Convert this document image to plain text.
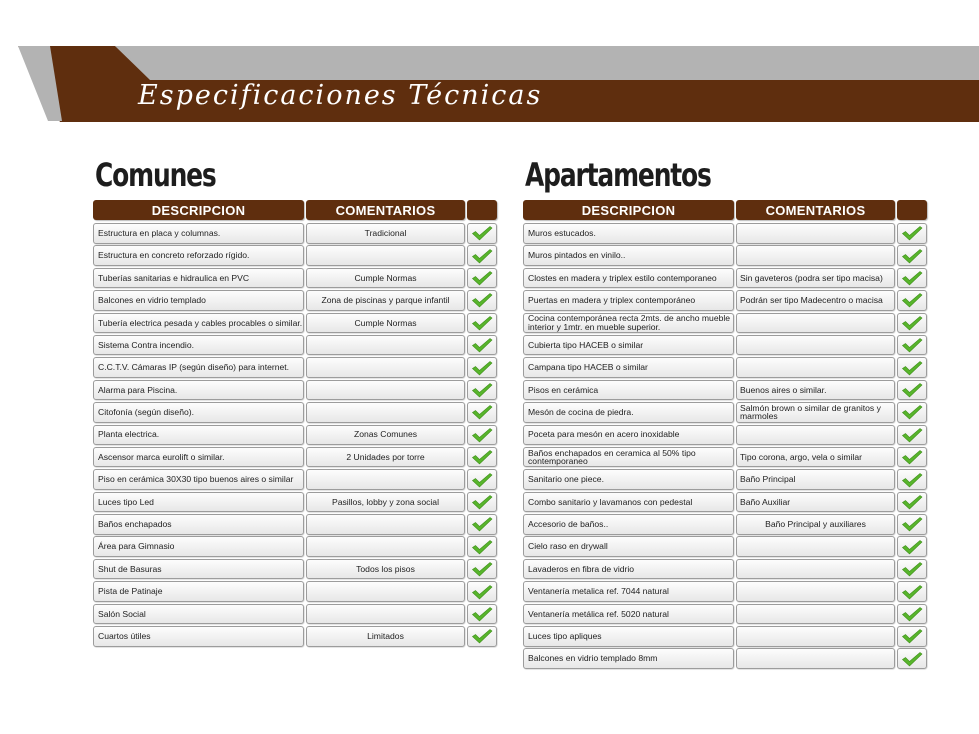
Especificaciones Técnicas
Comunes
DESCRIPCION	COMENTARIOS
Estructura en placa y columnas.	Tradicional
Estructura en concreto reforzado rígido.
Tuberías sanitarias e hidraulica en PVC	Cumple Normas
Balcones en vidrio templado	Zona de piscinas y parque infantil
Tubería electrica pesada y cables procables o similar.	Cumple Normas
Sistema Contra incendio.
C.C.T.V. Cámaras IP (según diseño) para internet.
Alarma para Piscina.
Citofonía (según diseño).
Planta electrica.	Zonas Comunes
Ascensor marca eurolift o similar.	2 Unidades por torre
Piso en cerámica 30X30 tipo buenos aires o similar
Luces tipo Led	Pasillos, lobby y zona social
Baños enchapados
Área para Gimnasio
Shut de Basuras	Todos los pisos
Pista de Patinaje
Salón Social
Cuartos útiles	Limitados
Apartamentos
DESCRIPCION	COMENTARIOS
Muros estucados.
Muros pintados en vinilo..
Clostes en madera y triplex estilo contemporaneo	Sin gaveteros (podra ser tipo macisa)
Puertas en madera y triplex contemporáneo	Podrán ser tipo Madecentro o macisa
Cocina contemporánea recta 2mts. de ancho mueble interior y 1mtr. en mueble superior.
Cubierta tipo HACEB o similar
Campana tipo HACEB o similar
Pisos en cerámica	Buenos aires o similar.
Mesón de cocina de piedra.	Salmón brown o similar de granitos y marmoles
Poceta para mesón en acero inoxidable
Baños enchapados en ceramica al 50% tipo contemporaneo	Tipo corona, argo, vela o similar
Sanitario one piece.	Baño Principal
Combo sanitario y lavamanos con pedestal	Baño Auxiliar
Accesorio de baños..	Baño Principal y auxiliares
Cielo raso en drywall
Lavaderos en fibra de vidrio
Ventanería metalica ref. 7044 natural
Ventanería metálica ref. 5020 natural
Luces tipo apliques
Balcones en vidrio templado 8mm
